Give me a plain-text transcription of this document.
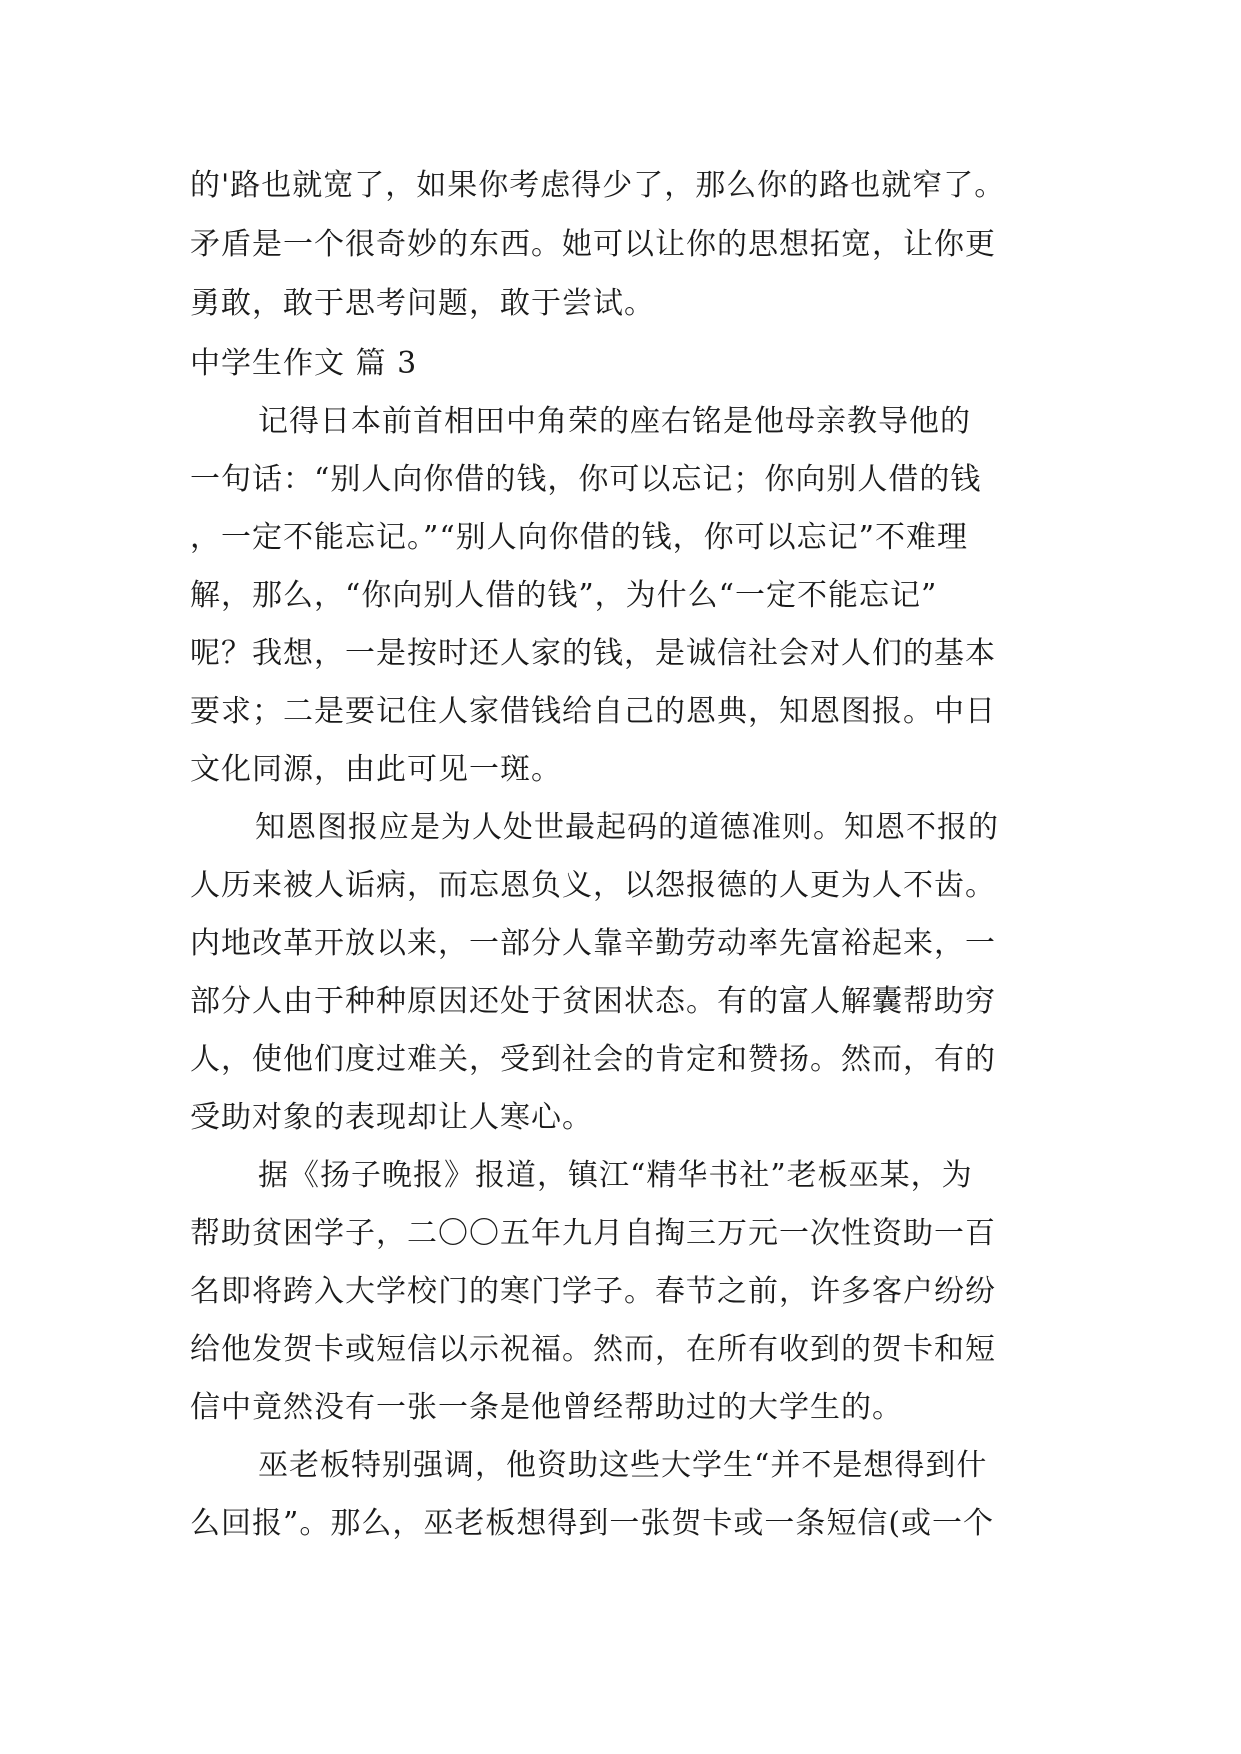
的'路也就宽了，如果你考虑得少了，那么你的路也就窄了。
矛盾是一个很奇妙的东西。她可以让你的思想拓宽，让你更
勇敢，敢于思考问题，敢于尝试。
中学生作文 篇 3
记得日本前首相田中角荣的座右铭是他母亲教导他的
一句话：“别人向你借的钱，你可以忘记；你向别人借的钱
，一定不能忘记。”“别人向你借的钱，你可以忘记”不难理
解，那么，“你向别人借的钱”，为什么“一定不能忘记”
呢？我想，一是按时还人家的钱，是诚信社会对人们的基本
要求；二是要记住人家借钱给自己的恩典，知恩图报。中日
文化同源，由此可见一斑。
知恩图报应是为人处世最起码的道德准则。知恩不报的
人历来被人诟病，而忘恩负义，以怨报德的人更为人不齿。
内地改革开放以来，一部分人靠辛勤劳动率先富裕起来，一
部分人由于种种原因还处于贫困状态。有的富人解囊帮助穷
人，使他们度过难关，受到社会的肯定和赞扬。然而，有的
受助对象的表现却让人寒心。
据《扬子晚报》报道，镇江“精华书社”老板巫某，为
帮助贫困学子，二〇〇五年九月自掏三万元一次性资助一百
名即将跨入大学校门的寒门学子。春节之前，许多客户纷纷
给他发贺卡或短信以示祝福。然而，在所有收到的贺卡和短
信中竟然没有一张一条是他曾经帮助过的大学生的。
巫老板特别强调，他资助这些大学生“并不是想得到什
么回报”。那么，巫老板想得到一张贺卡或一条短信(或一个
